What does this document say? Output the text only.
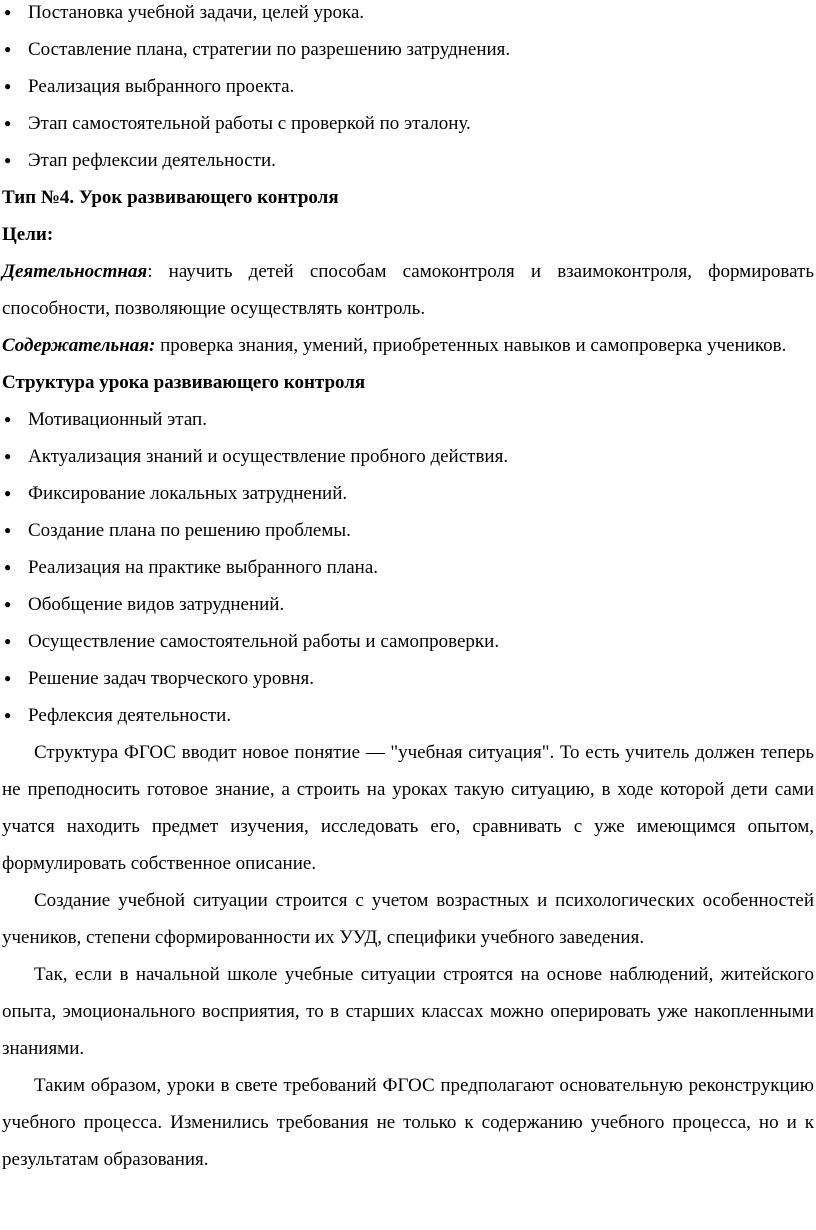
● Постановка учебной задачи, целей урока.
● Составление плана, стратегии по разрешению затруднения.
● Реализация выбранного проекта.
● Этап самостоятельной работы с проверкой по эталону.
● Этап рефлексии деятельности.
Тип №4. Урок развивающего контроля
Цели:

Деятельностная: научить детей способам самоконтроля и взаимоконтроля, формировать способности, позволяющие осуществлять контроль.

Содержательная: проверка знания, умений, приобретенных навыков и самопроверка учеников.

Структура урока развивающего контроля
● Мотивационный этап.
● Актуализация знаний и осуществление пробного действия.
● Фиксирование локальных затруднений.
● Создание плана по решению проблемы.
● Реализация на практике выбранного плана.
● Обобщение видов затруднений.
● Осуществление самостоятельной работы и самопроверки.
● Решение задач творческого уровня.
● Рефлексия деятельности.

Структура ФГОС вводит новое понятие — "учебная ситуация". То есть учитель должен теперь не преподносить готовое знание, а строить на уроках такую ситуацию, в ходе которой дети сами учатся находить предмет изучения, исследовать его, сравнивать с уже имеющимся опытом, формулировать собственное описание.

Создание учебной ситуации строится с учетом возрастных и психологических особенностей учеников, степени сформированности их УУД, специфики учебного заведения.

Так, если в начальной школе учебные ситуации строятся на основе наблюдений, житейского опыта, эмоционального восприятия, то в старших классах можно оперировать уже накопленными знаниями.

Таким образом, уроки в свете требований ФГОС предполагают основательную реконструкцию учебного процесса. Изменились требования не только к содержанию учебного процесса, но и к результатам образования.
